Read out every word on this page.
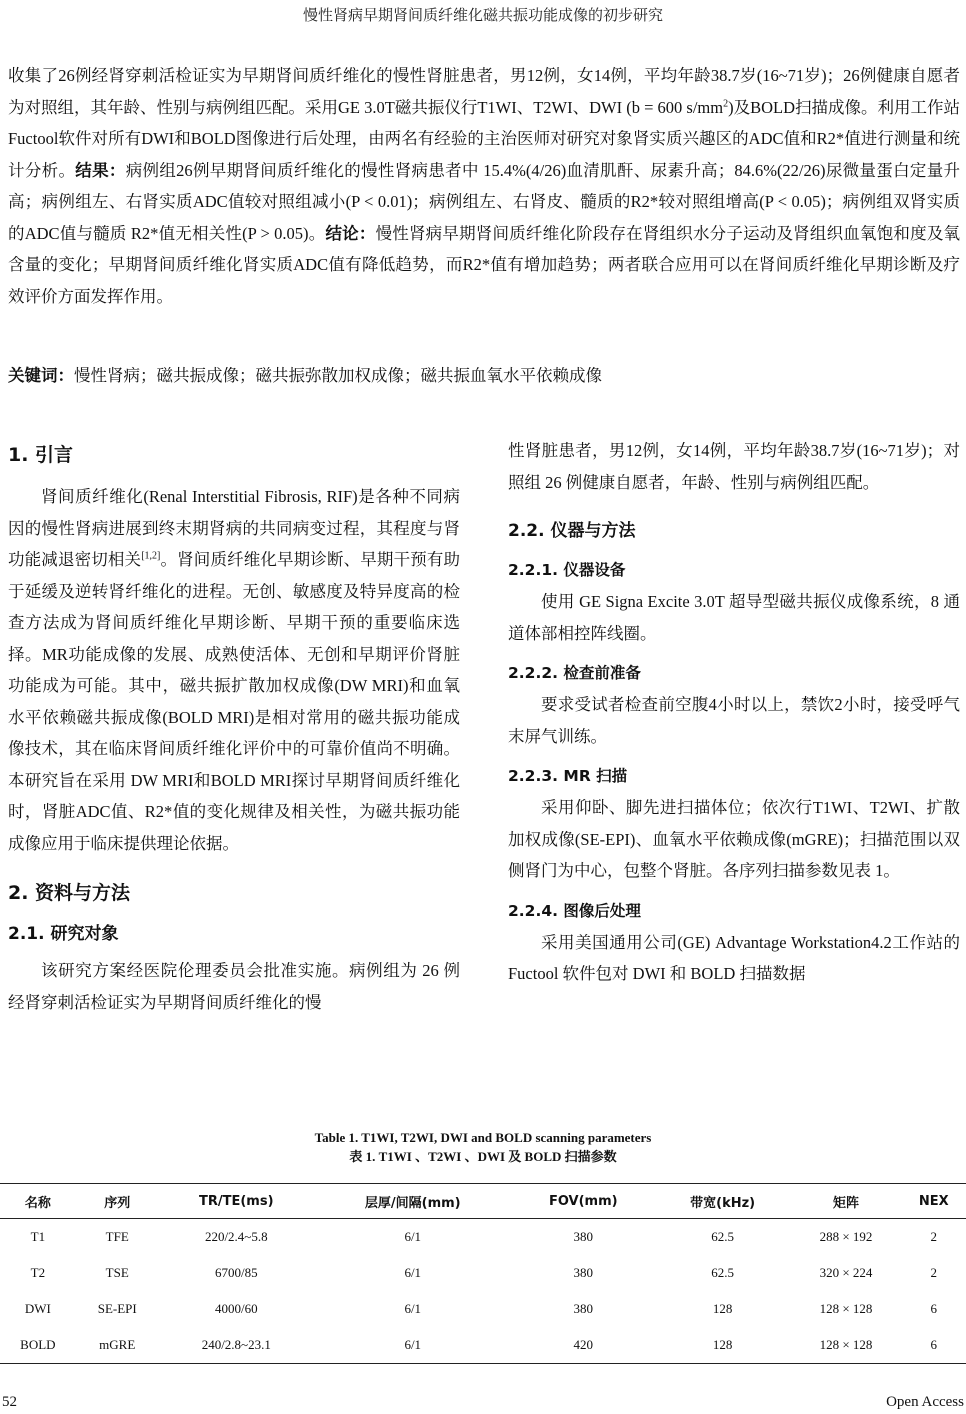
慢性肾病早期肾间质纤维化磁共振功能成像的初步研究
收集了26例经肾穿刺活检证实为早期肾间质纤维化的慢性肾脏患者，男12例，女14例，平均年龄38.7岁(16~71岁)；26例健康自愿者为对照组，其年龄、性别与病例组匹配。采用GE 3.0T磁共振仪行T1WI、T2WI、DWI (b = 600 $s/mm^2$)及BOLD扫描成像。利用工作站Fuctool软件对所有DWI和BOLD图像进行后处理，由两名有经验的主治医师对研究对象肾实质兴趣区的ADC值和R2*值进行测量和统计分析。结果：病例组26例早期肾间质纤维化的慢性肾病患者中 15.4%(4/26)血清肌酐、尿素升高；84.6%(22/26)尿微量蛋白定量升高；病例组左、右肾实质ADC值较对照组减小(P < 0.01)；病例组左、右肾皮、髓质的R2*较对照组增高(P < 0.05)；病例组双肾实质的ADC值与髓质 R2*值无相关性(P > 0.05)。结论：慢性肾病早期肾间质纤维化阶段存在肾组织水分子运动及肾组织血氧饱和度及氧含量的变化；早期肾间质纤维化肾实质ADC值有降低趋势，而R2*值有增加趋势；两者联合应用可以在肾间质纤维化早期诊断及疗效评价方面发挥作用。
关键词：慢性肾病；磁共振成像；磁共振弥散加权成像；磁共振血氧水平依赖成像
1. 引言

肾间质纤维化(Renal Interstitial Fibrosis, RIF)是各种不同病因的慢性肾病进展到终末期肾病的共同病变过程，其程度与肾功能减退密切相关[1,2]。肾间质纤维化早期诊断、早期干预有助于延缓及逆转肾纤维化的进程。无创、敏感度及特异度高的检查方法成为肾间质纤维化早期诊断、早期干预的重要临床选择。MR功能成像的发展、成熟使活体、无创和早期评价肾脏功能成为可能。其中，磁共振扩散加权成像(DW MRI)和血氧水平依赖磁共振成像(BOLD MRI)是相对常用的磁共振功能成像技术，其在临床肾间质纤维化评价中的可靠价值尚不明确。本研究旨在采用 DW MRI和BOLD MRI探讨早期肾间质纤维化时，肾脏ADC值、R2*值的变化规律及相关性，为磁共振功能成像应用于临床提供理论依据。

2. 资料与方法
2.1. 研究对象

该研究方案经医院伦理委员会批准实施。病例组为 26 例经肾穿刺活检证实为早期肾间质纤维化的慢

性肾脏患者，男12例，女14例，平均年龄38.7岁(16~71岁)；对照组 26 例健康自愿者，年龄、性别与病例组匹配。

2.2. 仪器与方法
2.2.1. 仪器设备

使用 GE Signa Excite 3.0T 超导型磁共振仪成像系统，8 通道体部相控阵线圈。

2.2.2. 检查前准备

要求受试者检查前空腹4小时以上，禁饮2小时，接受呼气末屏气训练。

2.2.3. MR 扫描

采用仰卧、脚先进扫描体位；依次行T1WI、T2WI、扩散加权成像(SE-EPI)、血氧水平依赖成像(mGRE)；扫描范围以双侧肾门为中心，包整个肾脏。各序列扫描参数见表 1。

2.2.4. 图像后处理

采用美国通用公司(GE) Advantage Workstation4.2工作站的 Fuctool 软件包对 DWI 和 BOLD 扫描数据

Table 1. T1WI, T2WI, DWI and BOLD scanning parameters
表 1. T1WI 、T2WI 、DWI 及 BOLD 扫描参数
名称	序列	TR/TE(ms)	层厚/间隔(mm)	FOV(mm)	带宽(kHz)	矩阵	NEX
T1	TFE	220/2.4~5.8	6/1	380	62.5	288 × 192	2
T2	TSE	6700/85	6/1	380	62.5	320 × 224	2
DWI	SE-EPI	4000/60	6/1	380	128	128 × 128	6
BOLD	mGRE	240/2.8~23.1	6/1	420	128	128 × 128	6
52	Open Access
